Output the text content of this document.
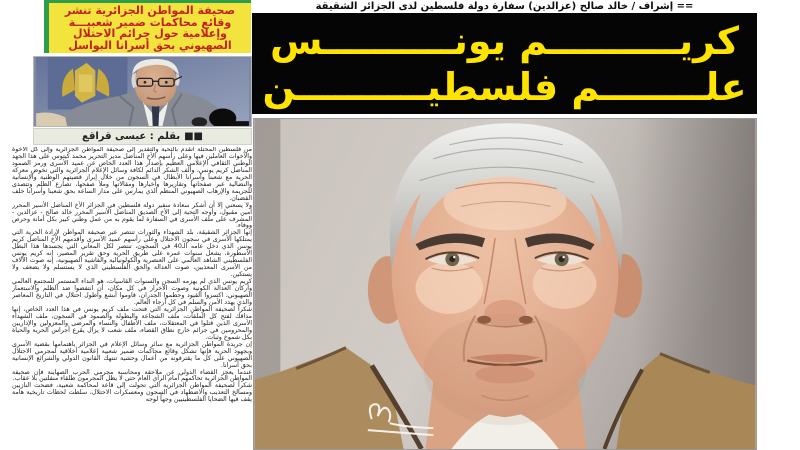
صحيفة المواطن الجزائرية تنشر
وقائع محاكمات ضمير شعبيـــة
وإعلامية حول جرائم الاحتلال
الصهيوني بحق أسرانا البواسل
■■
بقلم : عيسى قراقع

من فلسطين المحتلة أتقدم بالتحية والتقدير إلى صحيفة المواطن الجزائرية وإلى كل الأخوة والأخوات العاملين فيها وعلى رأسهم الأخ المناضل مدير التحرير محمد كيتوس على هذا الجهد الوطني الثقافي الإعلامي العظيم بإصدار هذا العدد الخاص عن عميد الأسرى ورمز الصمود المناضل كريم يونس، وألف الشكر الدائم لكافة وسائل الإعلام الجزائرية والتي تخوض معركة الحرية مع شعبنا وأسرانا الأبطال في السجون من خلال إبراز قضيتهم الوطنية والإنسانية والنضالية عبر صفحاتها وتقاريرها وأخبارها ومقالاتها وملأ صفحها، تصارع الظلم وتتصدى للجريمة والإرهاب الصهيوني المنظم الذي يمارس على مدار الساعة بحق شعبنا وأسرانا خلف القضبان.

ولا يسعني إلا أن أشكر سعادة سفير دولة فلسطين في الجزائر الأخ المناضل الأسير المحرر أمين مقبول، وأوجه التحية إلى الأخ الصديق المناضل الأسير المحرر خالد صالح - عزالدين - المشرف على ملف الأسرى في السفارة لما يقوم به من عمل وطني كبير بكل أمانة وحرص ووفاء.

إنها الجزائر الشقيقة، بلد الشهداء والثورات تنتصر عبر صحيفة المواطن لإرادة الحرية التي يمتلكها الأسرى في سجون الاحتلال وعلى رأسهم عميد الأسرى وأقدمهم الأخ المناضل كريم يونس الذي دخل عامه الـ40 في السجون، تنتصر لكل المعاني التي يجسدها هذا البطل الأسطورة، يشعل سنوات عمره على طريق الحرية وحق تقرير المصير، إنه كريم يونس الفلسطيني الشاهد العالمي على العنصرية والكولونيالية والفاشية الصهيونية، إنه صوت الآلاف من الأسرى المعذبين، صوت العدالة والحق الفلسطيني الذي لا يستسلم ولا يضعف ولا يستكين.

كريم يونس الذي لم يهزمه السجن والسنوات القاسيات، هو النداء المستمر للمجتمع العالمي وأركان العدالة الكونية وصوت الأحرار في كل مكان، أن انتفضوا ضد الظلم والاستعمار الصهيوني، اكسروا القيود وحطموا الجدران، قاوموا أبشع وأطول احتلال في التاريخ المعاصر والذي يهدد الأمن والسلم في كل أرجاء العالم.

شكراً لصحيفة المواطن الجزائرية التي فتحت ملف كريم يونس في هذا العدد الخاص، إنها مذاقك لفتح كل الملفات، ملف الشجاعة والبطولة والصمود في السجون، ملف الشهداء الأسرى الذين قتلوا في المعتقلات، ملف الأطفال والنساء والمرضى والمعزولين والإداريين والمحرومين في جرائم خارج نطاق القضاء، ملف شعب لا يزال يقرع أجراس الحرية والحياة بكل شموخ وثبات.

إن جريدة المواطن الجزائرية مع سائر وسائل الإعلام في الجزائر باهتمامها بقضية الأسرى وبجهود الحرية فإنها تشكل وقائع محاكمات ضمير شعبية إعلامية أخلاقية لمجرمي الاحتلال الصهيوني على كل ما يقترفونه من أعمال وحشية تنتهك القانون الدولي والشرائع الإنسانية بحق أسرانا.

عندما يعجز القضاء الدولي عن ملاحقة ومحاسبة مجرمي الحرب الصهاينة فإن صحيفة المواطن الجزائرية تحاكمهم أمام الرأي العام حتى لا يظل المجرمون طلقاء منفلتين بلا عقاب.

شكراً لصحيفة المواطن الجزائرية التي تحولت إلى قاعة لمحاكمة شعبية، فضحت النازيين ومسالخ التعذيب والاضطهاد في السجون ومعسكرات الاحتلال، سلطت لحظات تاريخية هامة يقف فيها الضحايا الفلسطينيين وجهاً لوجه

== إشراف / خالد صالح (عزالدين) سفارة دولة فلسطين لدى الجزائر الشقيقة
كريــــــــــم يونــــــــــس
علــــــــم فلسطيــــــــــن
